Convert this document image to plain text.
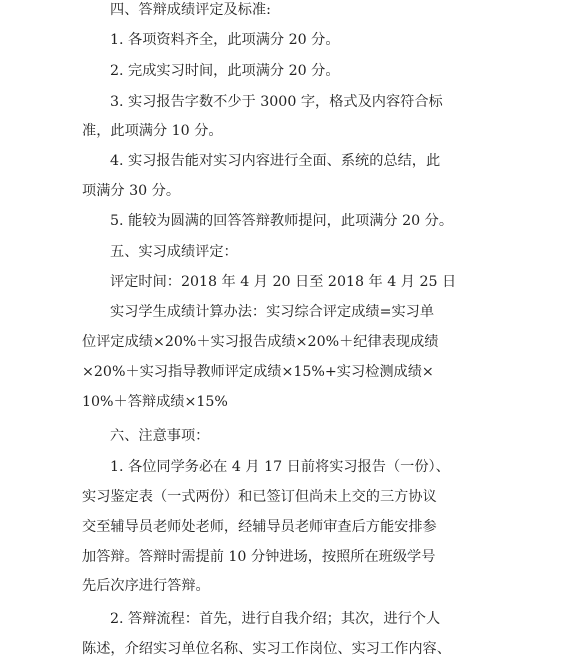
四、答辩成绩评定及标准:
1. 各项资料齐全，此项满分 20 分。
2. 完成实习时间，此项满分 20 分。
3. 实习报告字数不少于 3000 字，格式及内容符合标
准，此项满分 10 分。
4. 实习报告能对实习内容进行全面、系统的总结，此
项满分 30 分。
5. 能较为圆满的回答答辩教师提问，此项满分 20 分。
五、实习成绩评定：
评定时间：2018 年 4 月 20 日至 2018 年 4 月 25 日
实习学生成绩计算办法：实习综合评定成绩=实习单
位评定成绩×20%＋实习报告成绩×20%＋纪律表现成绩
×20%＋实习指导教师评定成绩×15%+实习检测成绩×
10%＋答辩成绩×15%
六、注意事项：
1. 各位同学务必在 4 月 17 日前将实习报告（一份）、
实习鉴定表（一式两份）和已签订但尚未上交的三方协议
交至辅导员老师处老师，经辅导员老师审查后方能安排参
加答辩。答辩时需提前 10 分钟进场，按照所在班级学号
先后次序进行答辩。
2. 答辩流程：首先，进行自我介绍；其次，进行个人
陈述，介绍实习单位名称、实习工作岗位、实习工作内容、
